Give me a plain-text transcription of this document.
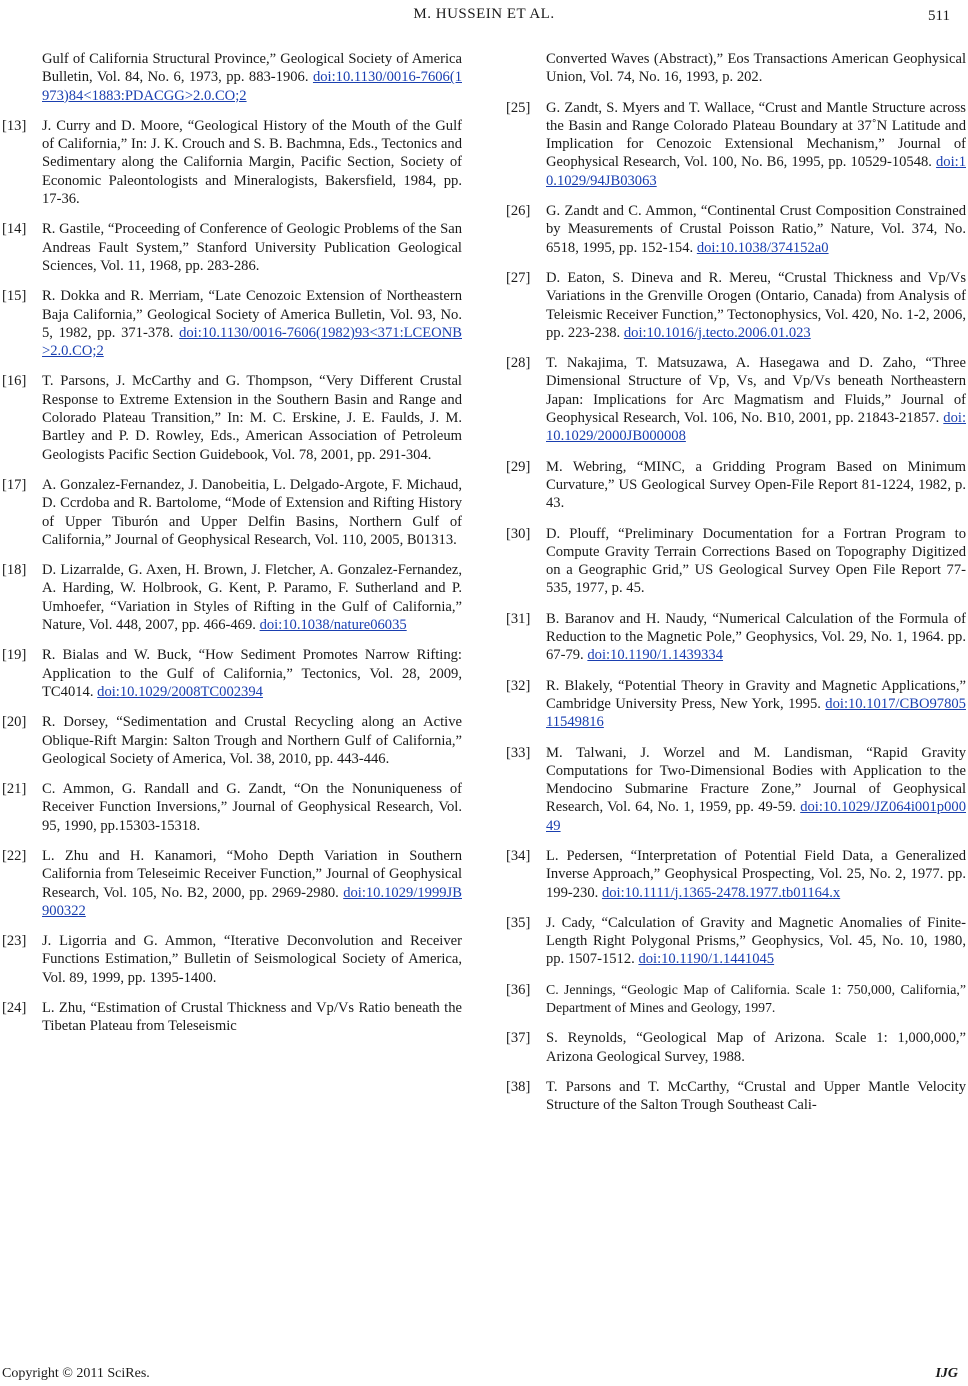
M. HUSSEIN ET AL.	511
Gulf of California Structural Province,” Geological Society of America Bulletin, Vol. 84, No. 6, 1973, pp. 883-1906. doi:10.1130/0016-7606(1973)84<1883:PDACGG>2.0.CO;2
[13] J. Curry and D. Moore, “Geological History of the Mouth of the Gulf of California,” In: J. K. Crouch and S. B. Bachmna, Eds., Tectonics and Sedimentary along the California Margin, Pacific Section, Society of Economic Paleontologists and Mineralogists, Bakersfield, 1984, pp. 17-36.
[14] R. Gastile, “Proceeding of Conference of Geologic Problems of the San Andreas Fault System,” Stanford University Publication Geological Sciences, Vol. 11, 1968, pp. 283-286.
[15] R. Dokka and R. Merriam, “Late Cenozoic Extension of Northeastern Baja California,” Geological Society of America Bulletin, Vol. 93, No. 5, 1982, pp. 371-378. doi:10.1130/0016-7606(1982)93<371:LCEONB>2.0.CO;2
[16] T. Parsons, J. McCarthy and G. Thompson, “Very Different Crustal Response to Extreme Extension in the Southern Basin and Range and Colorado Plateau Transition,” In: M. C. Erskine, J. E. Faulds, J. M. Bartley and P. D. Rowley, Eds., American Association of Petroleum Geologists Pacific Section Guidebook, Vol. 78, 2001, pp. 291-304.
[17] A. Gonzalez-Fernandez, J. Danobeitia, L. Delgado-Argote, F. Michaud, D. Ccrdoba and R. Bartolome, “Mode of Extension and Rifting History of Upper Tiburón and Upper Delfin Basins, Northern Gulf of California,” Journal of Geophysical Research, Vol. 110, 2005, B01313.
[18] D. Lizarralde, G. Axen, H. Brown, J. Fletcher, A. Gonzalez-Fernandez, A. Harding, W. Holbrook, G. Kent, P. Paramo, F. Sutherland and P. Umhoefer, “Variation in Styles of Rifting in the Gulf of California,” Nature, Vol. 448, 2007, pp. 466-469. doi:10.1038/nature06035
[19] R. Bialas and W. Buck, “How Sediment Promotes Narrow Rifting: Application to the Gulf of California,” Tectonics, Vol. 28, 2009, TC4014. doi:10.1029/2008TC002394
[20] R. Dorsey, “Sedimentation and Crustal Recycling along an Active Oblique-Rift Margin: Salton Trough and Northern Gulf of California,” Geological Society of America, Vol. 38, 2010, pp. 443-446.
[21] C. Ammon, G. Randall and G. Zandt, “On the Nonuniqueness of Receiver Function Inversions,” Journal of Geophysical Research, Vol. 95, 1990, pp.15303-15318.
[22] L. Zhu and H. Kanamori, “Moho Depth Variation in Southern California from Teleseimic Receiver Function,” Journal of Geophysical Research, Vol. 105, No. B2, 2000, pp. 2969-2980. doi:10.1029/1999JB900322
[23] J. Ligorria and G. Ammon, “Iterative Deconvolution and Receiver Functions Estimation,” Bulletin of Seismological Society of America, Vol. 89, 1999, pp. 1395-1400.
[24] L. Zhu, “Estimation of Crustal Thickness and Vp/Vs Ratio beneath the Tibetan Plateau from Teleseismic
Converted Waves (Abstract),” Eos Transactions American Geophysical Union, Vol. 74, No. 16, 1993, p. 202.
[25] G. Zandt, S. Myers and T. Wallace, “Crust and Mantle Structure across the Basin and Range Colorado Plateau Boundary at 37˚N Latitude and Implication for Cenozoic Extensional Mechanism,” Journal of Geophysical Research, Vol. 100, No. B6, 1995, pp. 10529-10548. doi:10.1029/94JB03063
[26] G. Zandt and C. Ammon, “Continental Crust Composition Constrained by Measurements of Crustal Poisson Ratio,” Nature, Vol. 374, No. 6518, 1995, pp. 152-154. doi:10.1038/374152a0
[27] D. Eaton, S. Dineva and R. Mereu, “Crustal Thickness and Vp/Vs Variations in the Grenville Orogen (Ontario, Canada) from Analysis of Teleismic Receiver Function,” Tectonophysics, Vol. 420, No. 1-2, 2006, pp. 223-238. doi:10.1016/j.tecto.2006.01.023
[28] T. Nakajima, T. Matsuzawa, A. Hasegawa and D. Zaho, “Three Dimensional Structure of Vp, Vs, and Vp/Vs beneath Northeastern Japan: Implications for Arc Magmatism and Fluids,” Journal of Geophysical Research, Vol. 106, No. B10, 2001, pp. 21843-21857. doi:10.1029/2000JB000008
[29] M. Webring, “MINC, a Gridding Program Based on Minimum Curvature,” US Geological Survey Open-File Report 81-1224, 1982, p. 43.
[30] D. Plouff, “Preliminary Documentation for a Fortran Program to Compute Gravity Terrain Corrections Based on Topography Digitized on a Geographic Grid,” US Geological Survey Open File Report 77-535, 1977, p. 45.
[31] B. Baranov and H. Naudy, “Numerical Calculation of the Formula of Reduction to the Magnetic Pole,” Geophysics, Vol. 29, No. 1, 1964. pp. 67-79. doi:10.1190/1.1439334
[32] R. Blakely, “Potential Theory in Gravity and Magnetic Applications,” Cambridge University Press, New York, 1995. doi:10.1017/CBO9780511549816
[33] M. Talwani, J. Worzel and M. Landisman, “Rapid Gravity Computations for Two-Dimensional Bodies with Application to the Mendocino Submarine Fracture Zone,” Journal of Geophysical Research, Vol. 64, No. 1, 1959, pp. 49-59. doi:10.1029/JZ064i001p00049
[34] L. Pedersen, “Interpretation of Potential Field Data, a Generalized Inverse Approach,” Geophysical Prospecting, Vol. 25, No. 2, 1977. pp. 199-230. doi:10.1111/j.1365-2478.1977.tb01164.x
[35] J. Cady, “Calculation of Gravity and Magnetic Anomalies of Finite-Length Right Polygonal Prisms,” Geophysics, Vol. 45, No. 10, 1980, pp. 1507-1512. doi:10.1190/1.1441045
[36] C. Jennings, “Geologic Map of California. Scale 1: 750,000, California,” Department of Mines and Geology, 1997.
[37] S. Reynolds, “Geological Map of Arizona. Scale 1: 1,000,000,” Arizona Geological Survey, 1988.
[38] T. Parsons and T. McCarthy, “Crustal and Upper Mantle Velocity Structure of the Salton Trough Southeast Cali-
Copyright © 2011 SciRes.	IJG
